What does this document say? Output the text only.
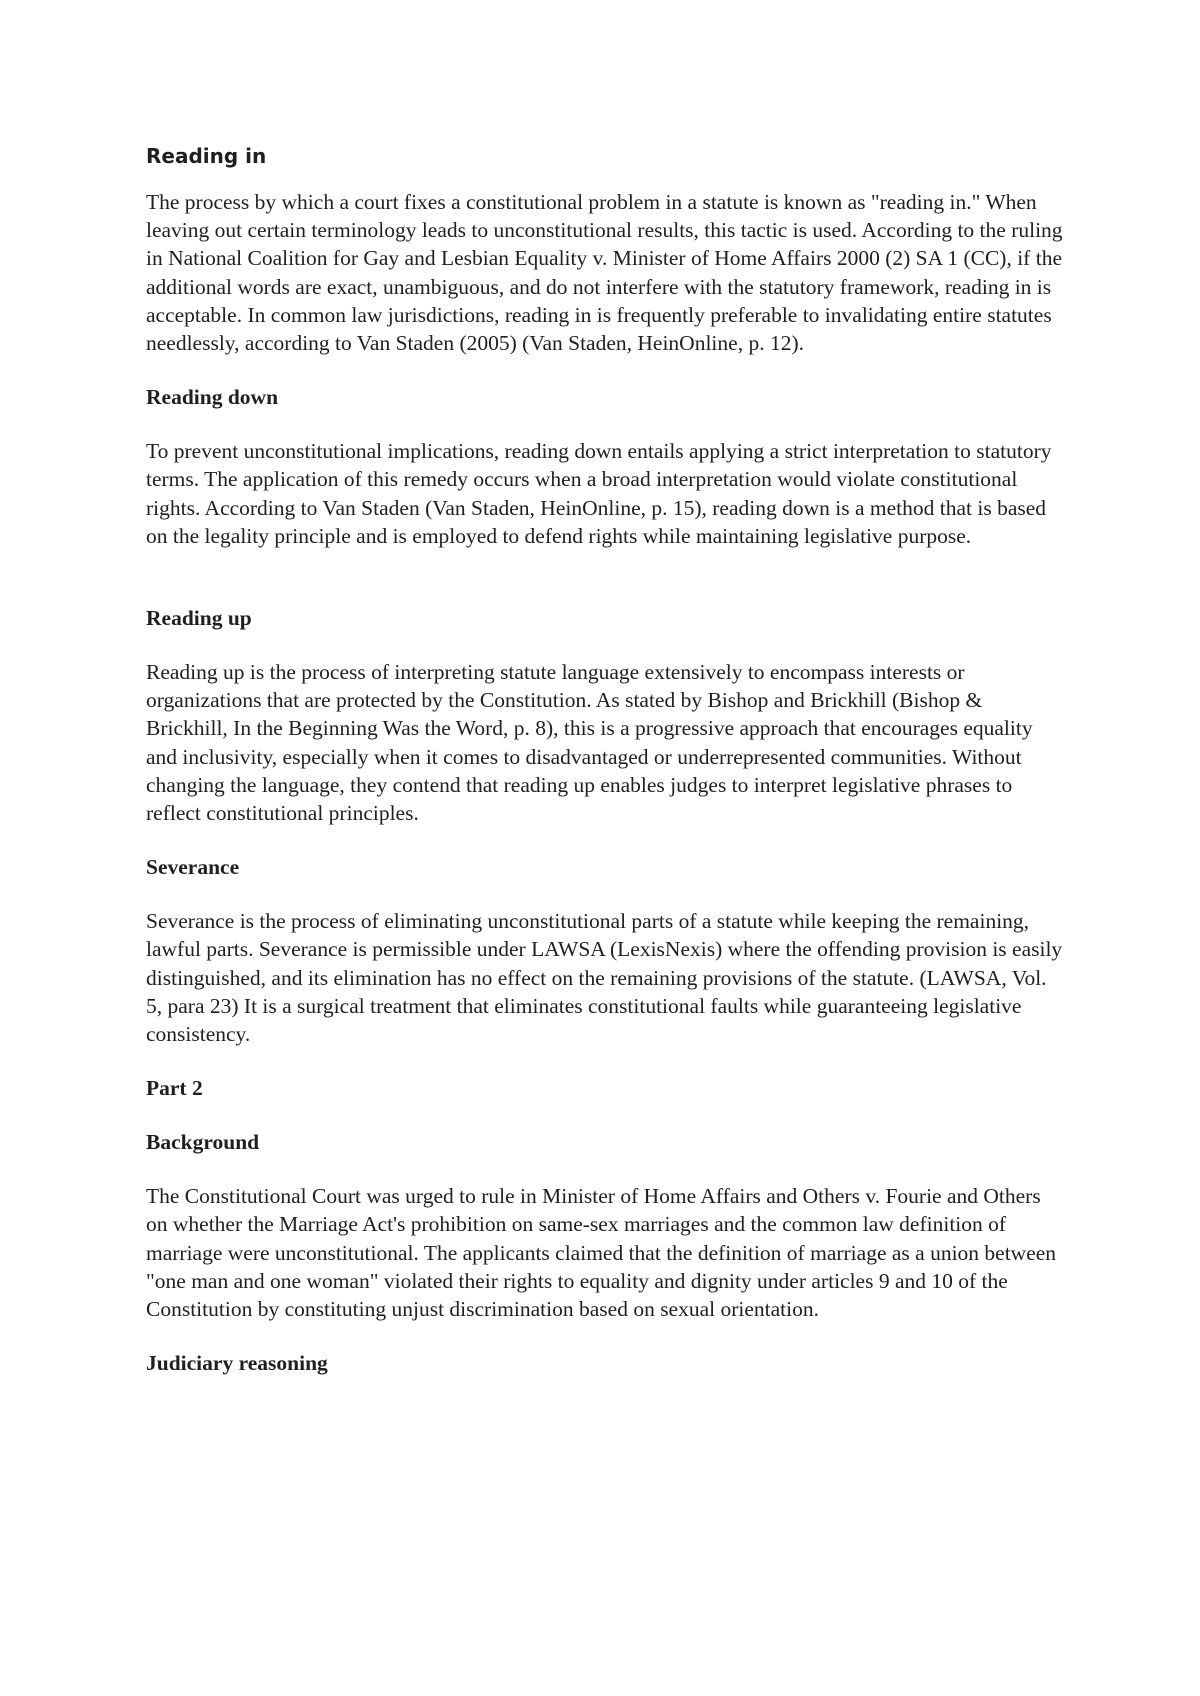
Reading in

The process by which a court fixes a constitutional problem in a statute is known as "reading in." When leaving out certain terminology leads to unconstitutional results, this tactic is used. According to the ruling in National Coalition for Gay and Lesbian Equality v. Minister of Home Affairs 2000 (2) SA 1 (CC), if the additional words are exact, unambiguous, and do not interfere with the statutory framework, reading in is acceptable. In common law jurisdictions, reading in is frequently preferable to invalidating entire statutes needlessly, according to Van Staden (2005) (Van Staden, HeinOnline, p. 12).

Reading down

To prevent unconstitutional implications, reading down entails applying a strict interpretation to statutory terms. The application of this remedy occurs when a broad interpretation would violate constitutional rights. According to Van Staden (Van Staden, HeinOnline, p. 15), reading down is a method that is based on the legality principle and is employed to defend rights while maintaining legislative purpose.

Reading up

Reading up is the process of interpreting statute language extensively to encompass interests or organizations that are protected by the Constitution. As stated by Bishop and Brickhill (Bishop & Brickhill, In the Beginning Was the Word, p. 8), this is a progressive approach that encourages equality and inclusivity, especially when it comes to disadvantaged or underrepresented communities. Without changing the language, they contend that reading up enables judges to interpret legislative phrases to reflect constitutional principles.

Severance

Severance is the process of eliminating unconstitutional parts of a statute while keeping the remaining, lawful parts. Severance is permissible under LAWSA (LexisNexis) where the offending provision is easily distinguished, and its elimination has no effect on the remaining provisions of the statute. (LAWSA, Vol. 5, para 23) It is a surgical treatment that eliminates constitutional faults while guaranteeing legislative consistency.

Part 2
Background

The Constitutional Court was urged to rule in Minister of Home Affairs and Others v. Fourie and Others on whether the Marriage Act's prohibition on same-sex marriages and the common law definition of marriage were unconstitutional. The applicants claimed that the definition of marriage as a union between "one man and one woman" violated their rights to equality and dignity under articles 9 and 10 of the Constitution by constituting unjust discrimination based on sexual orientation.

Judiciary reasoning
